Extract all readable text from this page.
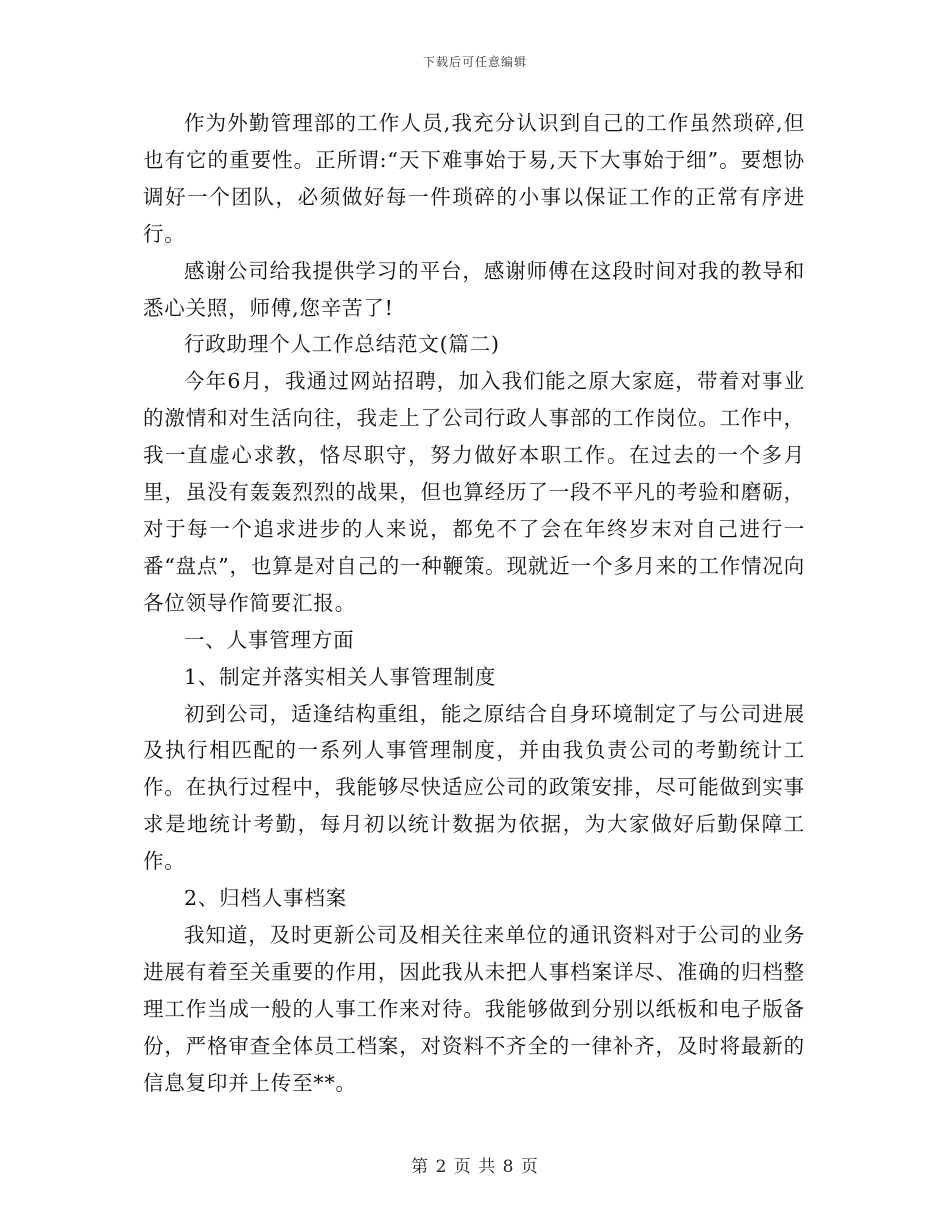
下载后可任意编辑

作为外勤管理部的工作人员,我充分认识到自己的工作虽然琐碎,但也有它的重要性。正所谓:“天下难事始于易,天下大事始于细”。要想协调好一个团队，必须做好每一件琐碎的小事以保证工作的正常有序进行。

感谢公司给我提供学习的平台，感谢师傅在这段时间对我的教导和悉心关照，师傅,您辛苦了!

行政助理个人工作总结范文(篇二)

今年6月，我通过网站招聘，加入我们能之原大家庭，带着对事业的激情和对生活向往，我走上了公司行政人事部的工作岗位。工作中，我一直虚心求教，恪尽职守，努力做好本职工作。在过去的一个多月里，虽没有轰轰烈烈的战果，但也算经历了一段不平凡的考验和磨砺，对于每一个追求进步的人来说，都免不了会在年终岁末对自己进行一番“盘点”，也算是对自己的一种鞭策。现就近一个多月来的工作情况向各位领导作简要汇报。

一、人事管理方面

1、制定并落实相关人事管理制度

初到公司，适逢结构重组，能之原结合自身环境制定了与公司进展及执行相匹配的一系列人事管理制度，并由我负责公司的考勤统计工作。在执行过程中，我能够尽快适应公司的政策安排，尽可能做到实事求是地统计考勤，每月初以统计数据为依据，为大家做好后勤保障工作。

2、归档人事档案

我知道，及时更新公司及相关往来单位的通讯资料对于公司的业务进展有着至关重要的作用，因此我从未把人事档案详尽、准确的归档整理工作当成一般的人事工作来对待。我能够做到分别以纸板和电子版备份，严格审查全体员工档案，对资料不齐全的一律补齐，及时将最新的信息复印并上传至**。

第 2 页 共 8 页
